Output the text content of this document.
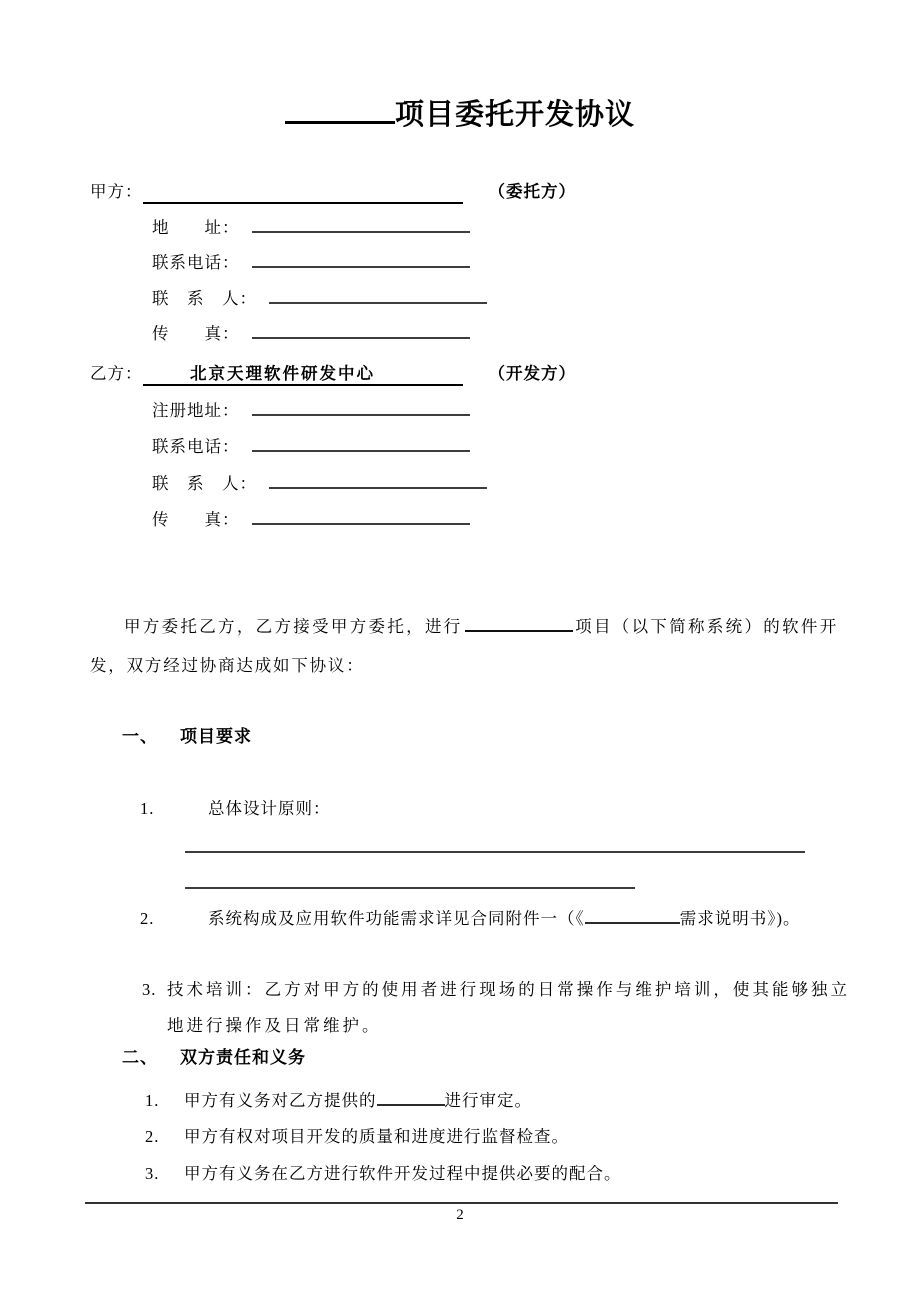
项目委托开发协议
甲方：	（委托方）
地　　址：
联系电话：
联　系　人：
传　　真：
乙方：	北京天理软件研发中心	（开发方）
注册地址：
联系电话：
联　系　人：
传　　真：
甲方委托乙方，乙方接受甲方委托，进行	项目（以下简称系统）的软件开发，双方经过协商达成如下协议：
一、 项目要求
1.	总体设计原则：
2.	系统构成及应用软件功能需求详见合同附件一（《	需求说明书》)。
3. 技术培训：乙方对甲方的使用者进行现场的日常操作与维护培训，使其能够独立地进行操作及日常维护。
二、 双方责任和义务
1. 甲方有义务对乙方提供的	进行审定。
2. 甲方有权对项目开发的质量和进度进行监督检查。
3. 甲方有义务在乙方进行软件开发过程中提供必要的配合。
2
